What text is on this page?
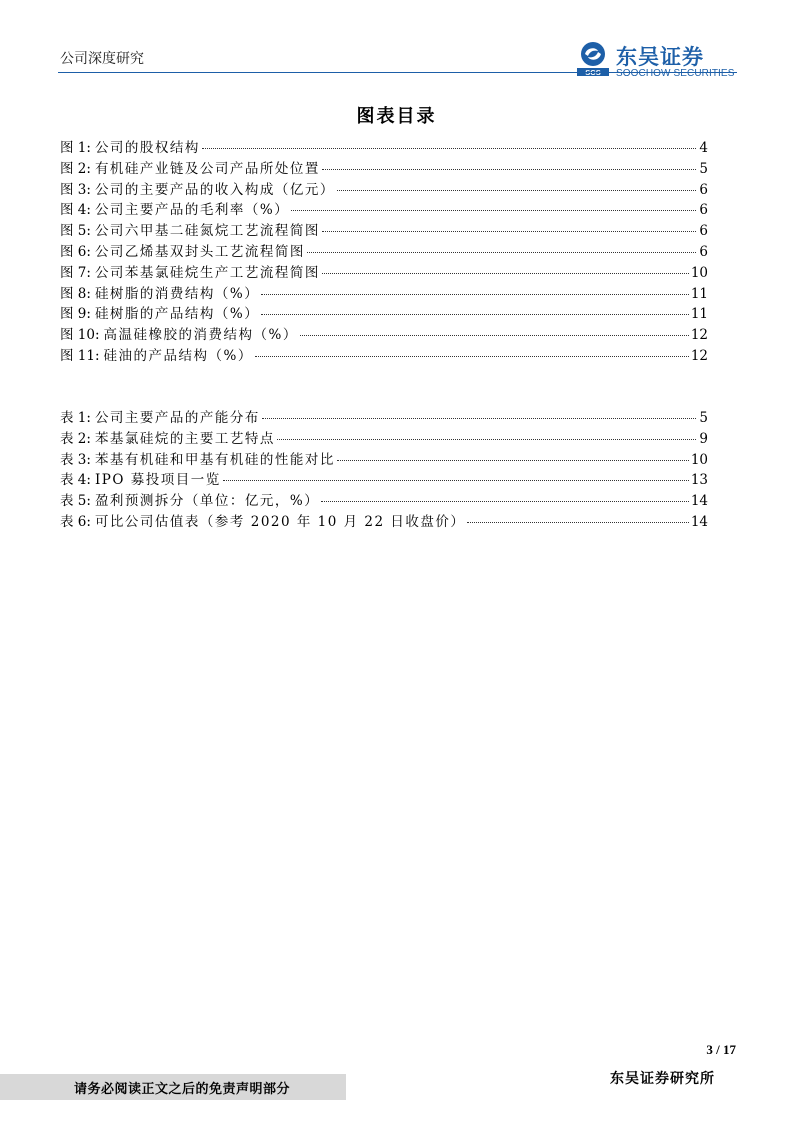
公司深度研究
SCS
东吴证券
SOOCHOW SECURITIES
图表目录
图 1: 公司的股权结构	4
图 2: 有机硅产业链及公司产品所处位置	5
图 3: 公司的主要产品的收入构成（亿元）	6
图 4: 公司主要产品的毛利率（%）	6
图 5: 公司六甲基二硅氮烷工艺流程简图	6
图 6: 公司乙烯基双封头工艺流程简图	6
图 7: 公司苯基氯硅烷生产工艺流程简图	10
图 8: 硅树脂的消费结构（%）	11
图 9: 硅树脂的产品结构（%）	11
图 10: 高温硅橡胶的消费结构（%）	12
图 11: 硅油的产品结构（%）	12
表 1: 公司主要产品的产能分布	5
表 2: 苯基氯硅烷的主要工艺特点	9
表 3: 苯基有机硅和甲基有机硅的性能对比	10
表 4: IPO 募投项目一览	13
表 5: 盈利预测拆分（单位：亿元，%）	14
表 6: 可比公司估值表（参考 2020 年 10 月 22 日收盘价）	14
3 / 17
请务必阅读正文之后的免责声明部分
东吴证券研究所
